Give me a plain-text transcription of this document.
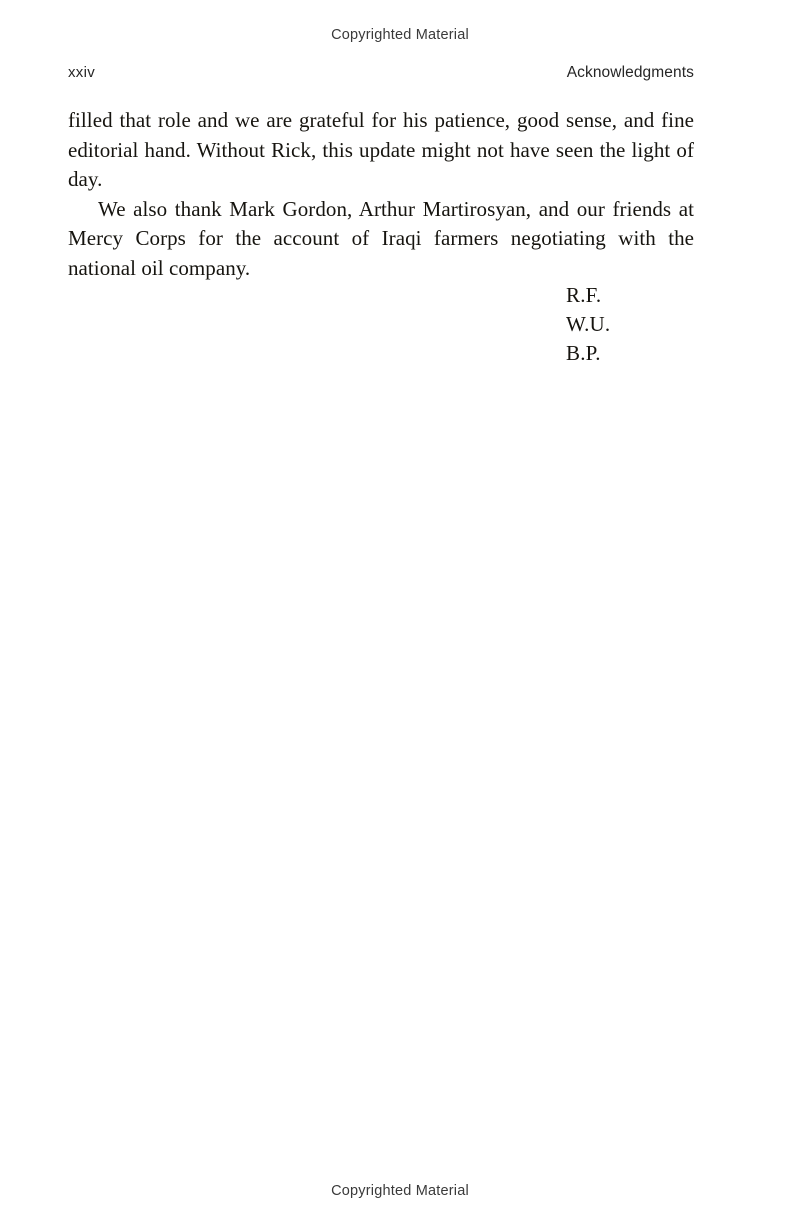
Copyrighted Material
xxiv	Acknowledgments

filled that role and we are grateful for his patience, good sense, and fine editorial hand. Without Rick, this update might not have seen the light of day.

We also thank Mark Gordon, Arthur Martirosyan, and our friends at Mercy Corps for the account of Iraqi farmers negotiating with the national oil company.

R.F.
W.U.
B.P.
Copyrighted Material
